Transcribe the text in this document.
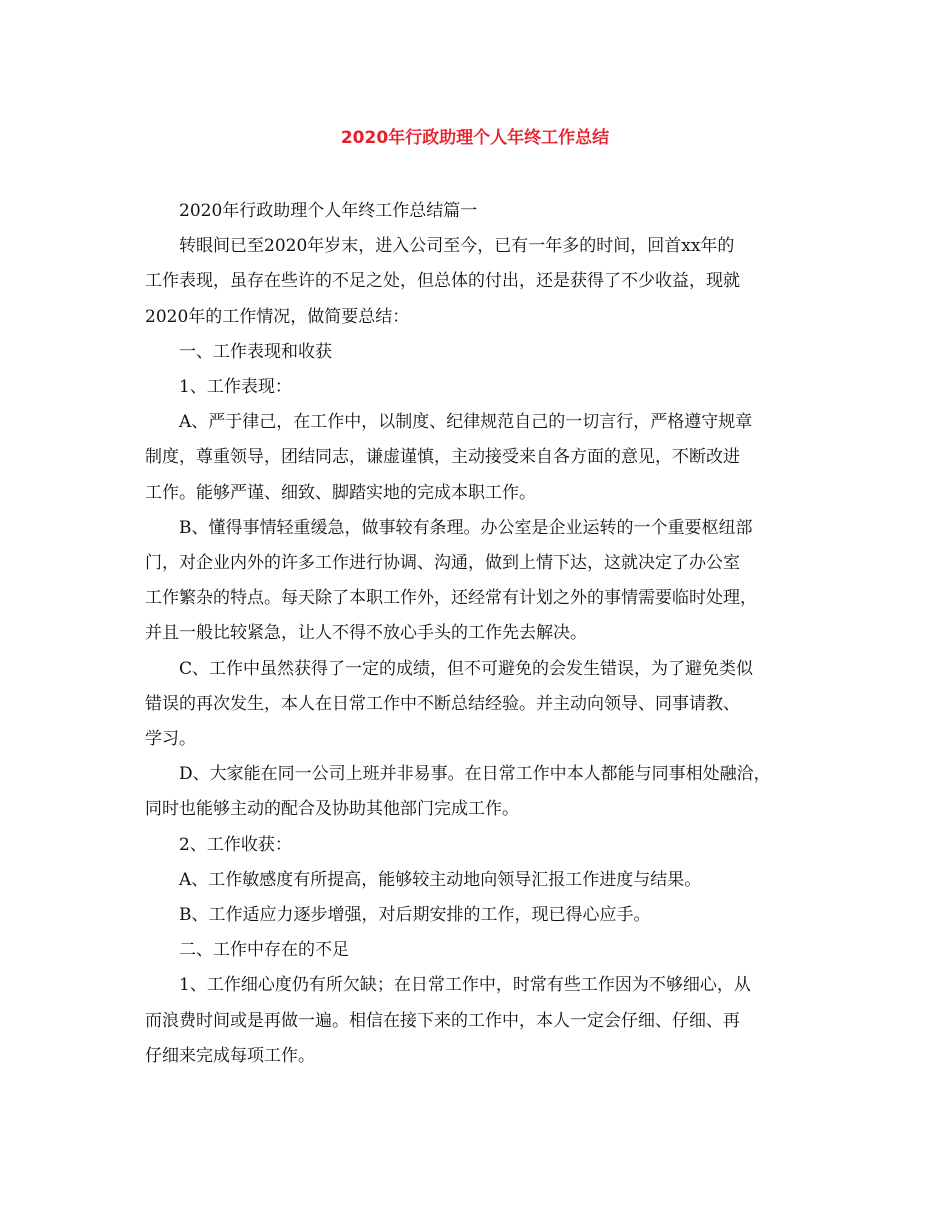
2020年行政助理个人年终工作总结
2020年行政助理个人年终工作总结篇一
转眼间已至2020年岁末，进入公司至今，已有一年多的时间，回首xx年的
工作表现，虽存在些许的不足之处，但总体的付出，还是获得了不少收益，现就
2020年的工作情况，做简要总结：
一、工作表现和收获
1、工作表现：
A、严于律己，在工作中，以制度、纪律规范自己的一切言行，严格遵守规章
制度，尊重领导，团结同志，谦虚谨慎，主动接受来自各方面的意见，不断改进
工作。能够严谨、细致、脚踏实地的完成本职工作。
B、懂得事情轻重缓急，做事较有条理。办公室是企业运转的一个重要枢纽部
门，对企业内外的许多工作进行协调、沟通，做到上情下达，这就决定了办公室
工作繁杂的特点。每天除了本职工作外，还经常有计划之外的事情需要临时处理，
并且一般比较紧急，让人不得不放心手头的工作先去解决。
C、工作中虽然获得了一定的成绩，但不可避免的会发生错误，为了避免类似
错误的再次发生，本人在日常工作中不断总结经验。并主动向领导、同事请教、
学习。
D、大家能在同一公司上班并非易事。在日常工作中本人都能与同事相处融洽，
同时也能够主动的配合及协助其他部门完成工作。
2、工作收获：
A、工作敏感度有所提高，能够较主动地向领导汇报工作进度与结果。
B、工作适应力逐步增强，对后期安排的工作，现已得心应手。
二、工作中存在的不足
1、工作细心度仍有所欠缺；在日常工作中，时常有些工作因为不够细心，从
而浪费时间或是再做一遍。相信在接下来的工作中，本人一定会仔细、仔细、再
仔细来完成每项工作。
